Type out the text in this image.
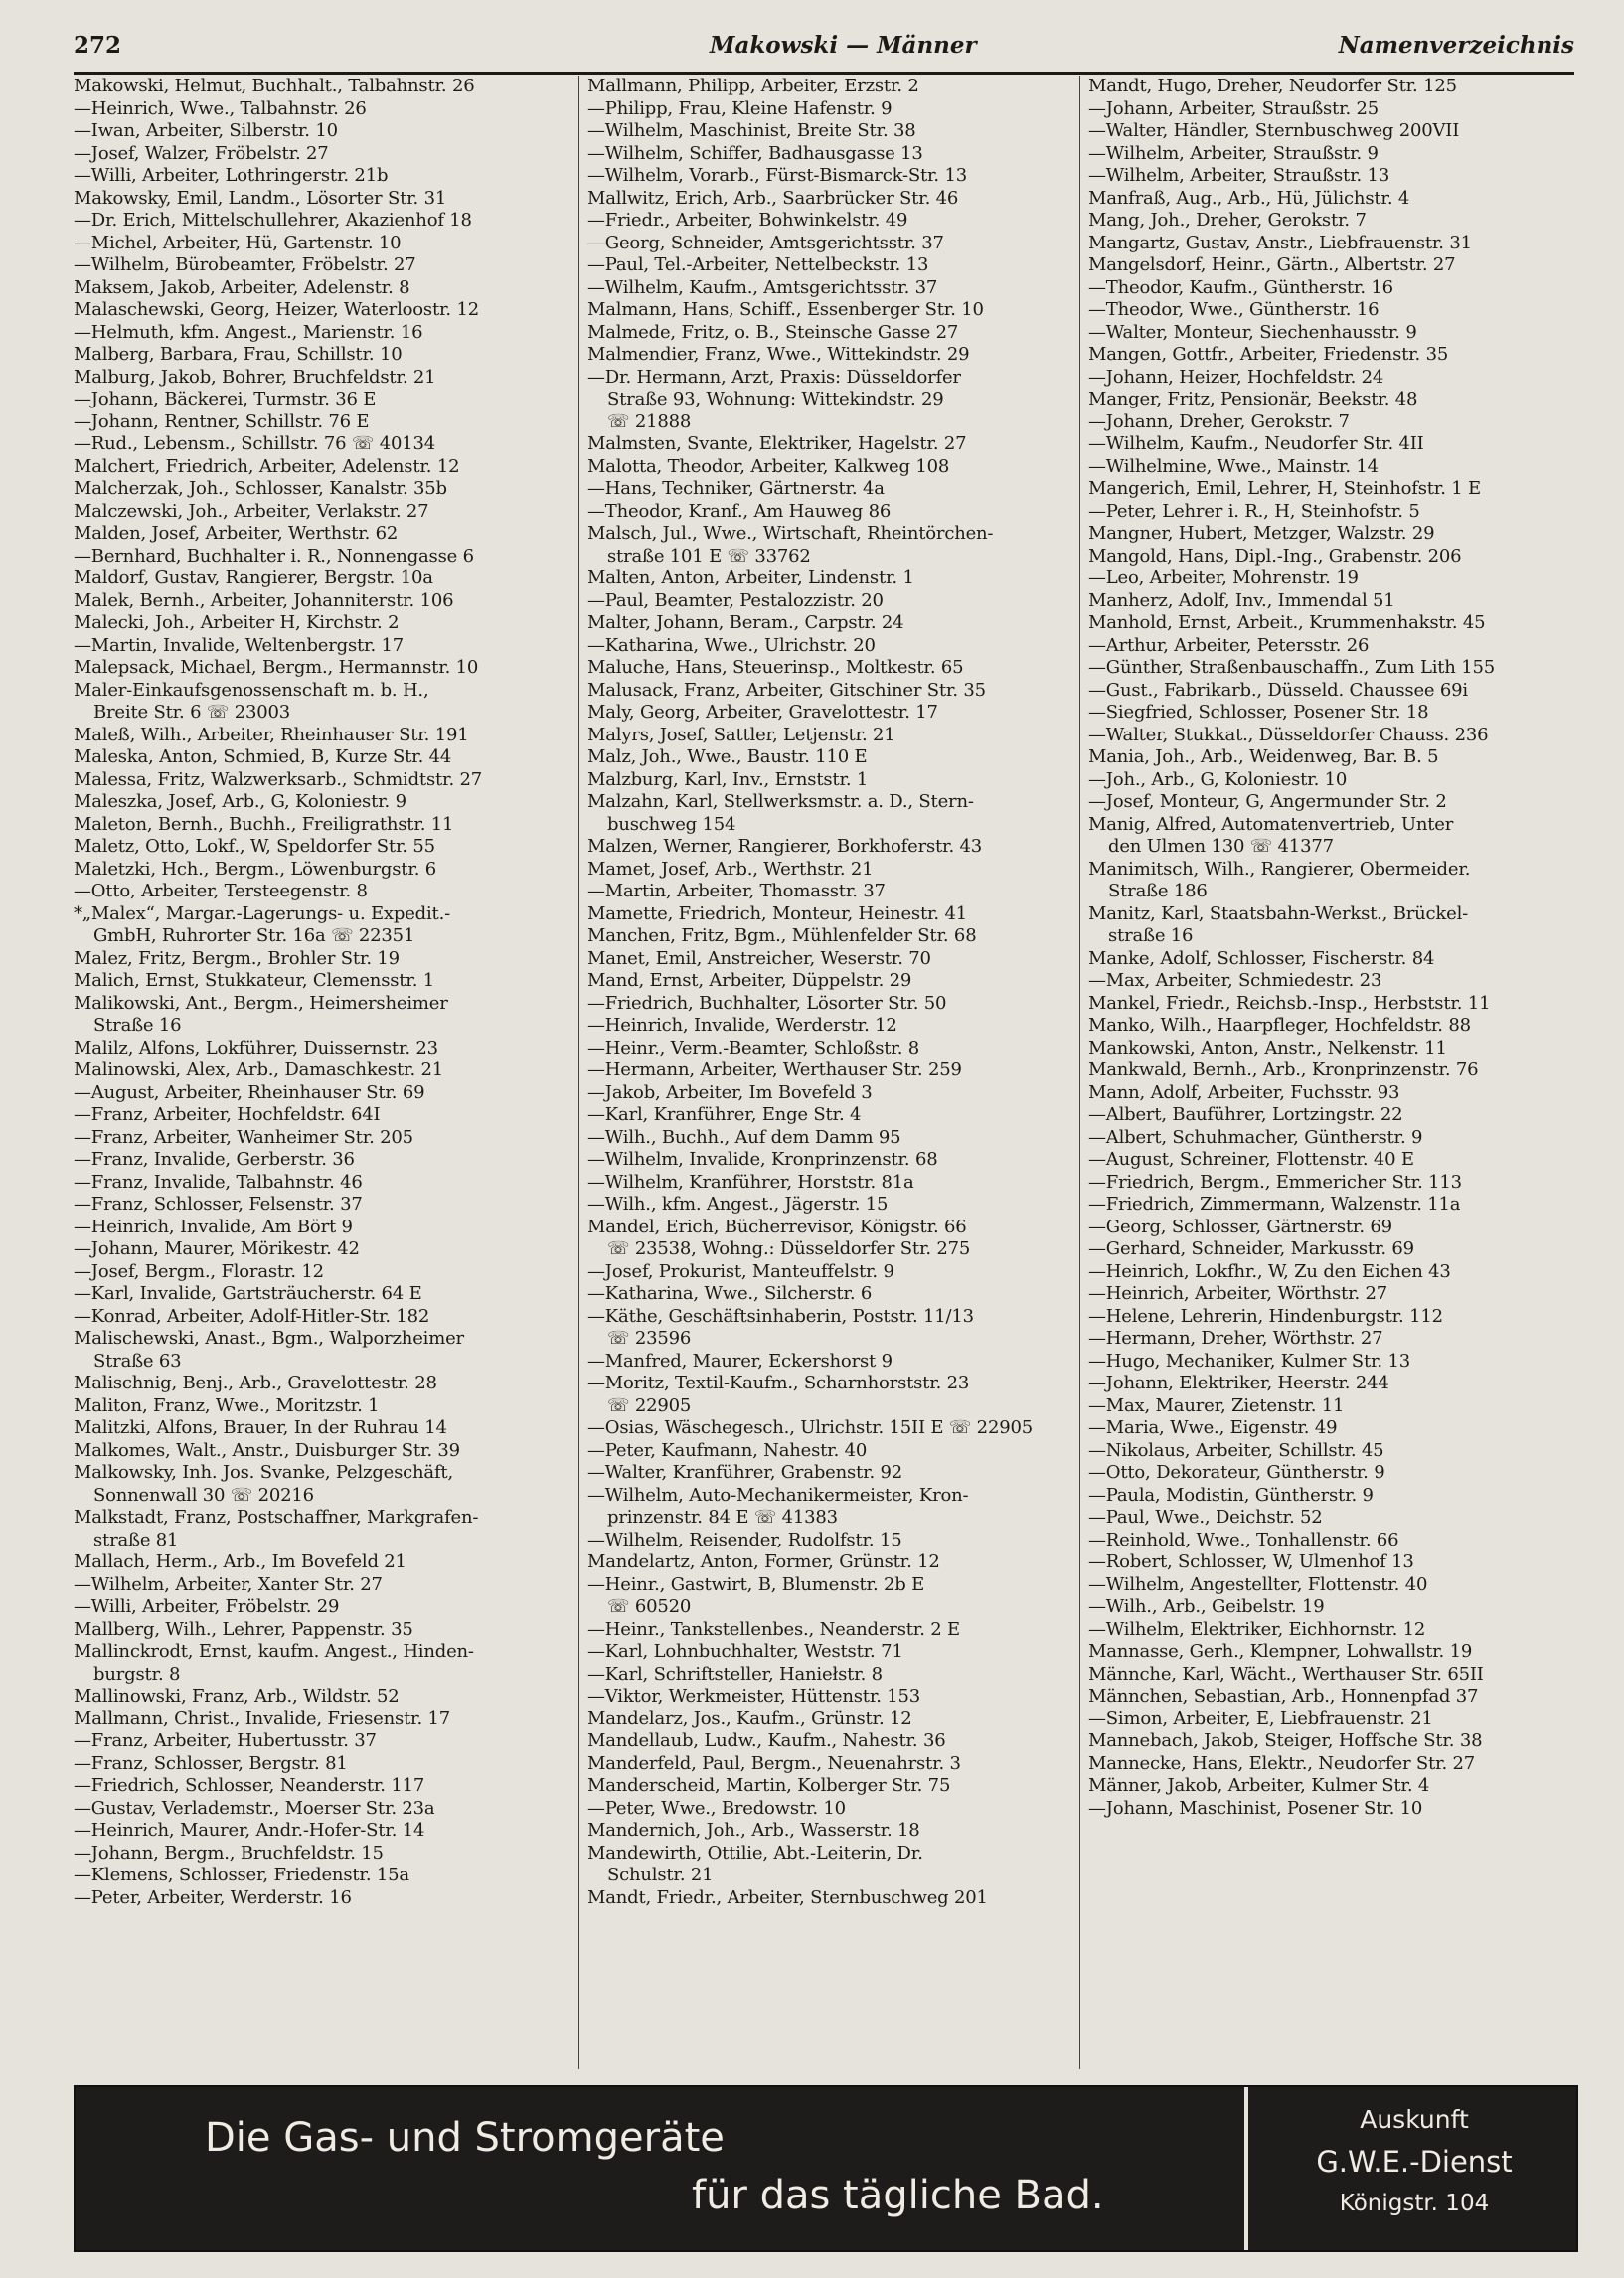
272	Makowski — Männer	Namenverzeichnis

Makowski, Helmut, Buchhalt., Talbahnstr. 26

—Heinrich, Wwe., Talbahnstr. 26

—Iwan, Arbeiter, Silberstr. 10

—Josef, Walzer, Fröbelstr. 27

—Willi, Arbeiter, Lothringerstr. 21b

Makowsky, Emil, Landm., Lösorter Str. 31

—Dr. Erich, Mittelschullehrer, Akazienhof 18

—Michel, Arbeiter, Hü, Gartenstr. 10

—Wilhelm, Bürobeamter, Fröbelstr. 27

Maksem, Jakob, Arbeiter, Adelenstr. 8

Malaschewski, Georg, Heizer, Waterloostr. 12

—Helmuth, kfm. Angest., Marienstr. 16

Malberg, Barbara, Frau, Schillstr. 10

Malburg, Jakob, Bohrer, Bruchfeldstr. 21

—Johann, Bäckerei, Turmstr. 36 E

—Johann, Rentner, Schillstr. 76 E

—Rud., Lebensm., Schillstr. 76 ☏ 40134

Malchert, Friedrich, Arbeiter, Adelenstr. 12

Malcherzak, Joh., Schlosser, Kanalstr. 35b

Malczewski, Joh., Arbeiter, Verlakstr. 27

Malden, Josef, Arbeiter, Werthstr. 62

—Bernhard, Buchhalter i. R., Nonnengasse 6

Maldorf, Gustav, Rangierer, Bergstr. 10a

Malek, Bernh., Arbeiter, Johanniterstr. 106

Malecki, Joh., Arbeiter H, Kirchstr. 2

—Martin, Invalide, Weltenbergstr. 17

Malepsack, Michael, Bergm., Hermannstr. 10

Maler-Einkaufsgenossenschaft m. b. H.,

Breite Str. 6 ☏ 23003

Maleß, Wilh., Arbeiter, Rheinhauser Str. 191

Maleska, Anton, Schmied, B, Kurze Str. 44

Malessa, Fritz, Walzwerksarb., Schmidtstr. 27

Maleszka, Josef, Arb., G, Koloniestr. 9

Maleton, Bernh., Buchh., Freiligrathstr. 11

Maletz, Otto, Lokf., W, Speldorfer Str. 55

Maletzki, Hch., Bergm., Löwenburgstr. 6

—Otto, Arbeiter, Tersteegenstr. 8

*„Malex“, Margar.-Lagerungs- u. Expedit.-

GmbH, Ruhrorter Str. 16a ☏ 22351

Malez, Fritz, Bergm., Brohler Str. 19

Malich, Ernst, Stukkateur, Clemensstr. 1

Malikowski, Ant., Bergm., Heimersheimer

Straße 16

Malilz, Alfons, Lokführer, Duissernstr. 23

Malinowski, Alex, Arb., Damaschkestr. 21

—August, Arbeiter, Rheinhauser Str. 69

—Franz, Arbeiter, Hochfeldstr. 64I

—Franz, Arbeiter, Wanheimer Str. 205

—Franz, Invalide, Gerberstr. 36

—Franz, Invalide, Talbahnstr. 46

—Franz, Schlosser, Felsenstr. 37

—Heinrich, Invalide, Am Bört 9

—Johann, Maurer, Mörikestr. 42

—Josef, Bergm., Florastr. 12

—Karl, Invalide, Gartsträucherstr. 64 E

—Konrad, Arbeiter, Adolf-Hitler-Str. 182

Malischewski, Anast., Bgm., Walporzheimer

Straße 63

Malischnig, Benj., Arb., Gravelottestr. 28

Maliton, Franz, Wwe., Moritzstr. 1

Malitzki, Alfons, Brauer, In der Ruhrau 14

Malkomes, Walt., Anstr., Duisburger Str. 39

Malkowsky, Inh. Jos. Svanke, Pelzgeschäft,

Sonnenwall 30 ☏ 20216

Malkstadt, Franz, Postschaffner, Markgrafen-

straße 81

Mallach, Herm., Arb., Im Bovefeld 21

—Wilhelm, Arbeiter, Xanter Str. 27

—Willi, Arbeiter, Fröbelstr. 29

Mallberg, Wilh., Lehrer, Pappenstr. 35

Mallinckrodt, Ernst, kaufm. Angest., Hinden-

burgstr. 8

Mallinowski, Franz, Arb., Wildstr. 52

Mallmann, Christ., Invalide, Friesenstr. 17

—Franz, Arbeiter, Hubertusstr. 37

—Franz, Schlosser, Bergstr. 81

—Friedrich, Schlosser, Neanderstr. 117

—Gustav, Verlademstr., Moerser Str. 23a

—Heinrich, Maurer, Andr.-Hofer-Str. 14

—Johann, Bergm., Bruchfeldstr. 15

—Klemens, Schlosser, Friedenstr. 15a

—Peter, Arbeiter, Werderstr. 16

Mallmann, Philipp, Arbeiter, Erzstr. 2

—Philipp, Frau, Kleine Hafenstr. 9

—Wilhelm, Maschinist, Breite Str. 38

—Wilhelm, Schiffer, Badhausgasse 13

—Wilhelm, Vorarb., Fürst-Bismarck-Str. 13

Mallwitz, Erich, Arb., Saarbrücker Str. 46

—Friedr., Arbeiter, Bohwinkelstr. 49

—Georg, Schneider, Amtsgerichtsstr. 37

—Paul, Tel.-Arbeiter, Nettelbeckstr. 13

—Wilhelm, Kaufm., Amtsgerichtsstr. 37

Malmann, Hans, Schiff., Essenberger Str. 10

Malmede, Fritz, o. B., Steinsche Gasse 27

Malmendier, Franz, Wwe., Wittekindstr. 29

—Dr. Hermann, Arzt, Praxis: Düsseldorfer

Straße 93, Wohnung: Wittekindstr. 29

☏ 21888

Malmsten, Svante, Elektriker, Hagelstr. 27

Malotta, Theodor, Arbeiter, Kalkweg 108

—Hans, Techniker, Gärtnerstr. 4a

—Theodor, Kranf., Am Hauweg 86

Malsch, Jul., Wwe., Wirtschaft, Rheintörchen-

straße 101 E ☏ 33762

Malten, Anton, Arbeiter, Lindenstr. 1

—Paul, Beamter, Pestalozzistr. 20

Malter, Johann, Beram., Carpstr. 24

—Katharina, Wwe., Ulrichstr. 20

Maluche, Hans, Steuerinsp., Moltkestr. 65

Malusack, Franz, Arbeiter, Gitschiner Str. 35

Maly, Georg, Arbeiter, Gravelottestr. 17

Malyrs, Josef, Sattler, Letjenstr. 21

Malz, Joh., Wwe., Baustr. 110 E

Malzburg, Karl, Inv., Ernststr. 1

Malzahn, Karl, Stellwerksmstr. a. D., Stern-

buschweg 154

Malzen, Werner, Rangierer, Borkhoferstr. 43

Mamet, Josef, Arb., Werthstr. 21

—Martin, Arbeiter, Thomasstr. 37

Mamette, Friedrich, Monteur, Heinestr. 41

Manchen, Fritz, Bgm., Mühlenfelder Str. 68

Manet, Emil, Anstreicher, Weserstr. 70

Mand, Ernst, Arbeiter, Düppelstr. 29

—Friedrich, Buchhalter, Lösorter Str. 50

—Heinrich, Invalide, Werderstr. 12

—Heinr., Verm.-Beamter, Schloßstr. 8

—Hermann, Arbeiter, Werthauser Str. 259

—Jakob, Arbeiter, Im Bovefeld 3

—Karl, Kranführer, Enge Str. 4

—Wilh., Buchh., Auf dem Damm 95

—Wilhelm, Invalide, Kronprinzenstr. 68

—Wilhelm, Kranführer, Horststr. 81a

—Wilh., kfm. Angest., Jägerstr. 15

Mandel, Erich, Bücherrevisor, Königstr. 66

☏ 23538, Wohng.: Düsseldorfer Str. 275

—Josef, Prokurist, Manteuffelstr. 9

—Katharina, Wwe., Silcherstr. 6

—Käthe, Geschäftsinhaberin, Poststr. 11/13

☏ 23596

—Manfred, Maurer, Eckershorst 9

—Moritz, Textil-Kaufm., Scharnhorststr. 23

☏ 22905

—Osias, Wäschegesch., Ulrichstr. 15II E ☏ 22905

—Peter, Kaufmann, Nahestr. 40

—Walter, Kranführer, Grabenstr. 92

—Wilhelm, Auto-Mechanikermeister, Kron-

prinzenstr. 84 E ☏ 41383

—Wilhelm, Reisender, Rudolfstr. 15

Mandelartz, Anton, Former, Grünstr. 12

—Heinr., Gastwirt, B, Blumenstr. 2b E

☏ 60520

—Heinr., Tankstellenbes., Neanderstr. 2 E

—Karl, Lohnbuchhalter, Weststr. 71

—Karl, Schriftsteller, Haniełstr. 8

—Viktor, Werkmeister, Hüttenstr. 153

Mandelarz, Jos., Kaufm., Grünstr. 12

Mandellaub, Ludw., Kaufm., Nahestr. 36

Manderfeld, Paul, Bergm., Neuenahrstr. 3

Manderscheid, Martin, Kolberger Str. 75

—Peter, Wwe., Bredowstr. 10

Mandernich, Joh., Arb., Wasserstr. 18

Mandewirth, Ottilie, Abt.-Leiterin, Dr.

Schulstr. 21

Mandt, Friedr., Arbeiter, Sternbuschweg 201

Mandt, Hugo, Dreher, Neudorfer Str. 125

—Johann, Arbeiter, Straußstr. 25

—Walter, Händler, Sternbuschweg 200VII

—Wilhelm, Arbeiter, Straußstr. 9

—Wilhelm, Arbeiter, Straußstr. 13

Manfraß, Aug., Arb., Hü, Jülichstr. 4

Mang, Joh., Dreher, Gerokstr. 7

Mangartz, Gustav, Anstr., Liebfrauenstr. 31

Mangelsdorf, Heinr., Gärtn., Albertstr. 27

—Theodor, Kaufm., Güntherstr. 16

—Theodor, Wwe., Güntherstr. 16

—Walter, Monteur, Siechenhausstr. 9

Mangen, Gottfr., Arbeiter, Friedenstr. 35

—Johann, Heizer, Hochfeldstr. 24

Manger, Fritz, Pensionär, Beekstr. 48

—Johann, Dreher, Gerokstr. 7

—Wilhelm, Kaufm., Neudorfer Str. 4II

—Wilhelmine, Wwe., Mainstr. 14

Mangerich, Emil, Lehrer, H, Steinhofstr. 1 E

—Peter, Lehrer i. R., H, Steinhofstr. 5

Mangner, Hubert, Metzger, Walzstr. 29

Mangold, Hans, Dipl.-Ing., Grabenstr. 206

—Leo, Arbeiter, Mohrenstr. 19

Manherz, Adolf, Inv., Immendal 51

Manhold, Ernst, Arbeit., Krummenhakstr. 45

—Arthur, Arbeiter, Petersstr. 26

—Günther, Straßenbauschaffn., Zum Lith 155

—Gust., Fabrikarb., Düsseld. Chaussee 69i

—Siegfried, Schlosser, Posener Str. 18

—Walter, Stukkat., Düsseldorfer Chauss. 236

Mania, Joh., Arb., Weidenweg, Bar. B. 5

—Joh., Arb., G, Koloniestr. 10

—Josef, Monteur, G, Angermunder Str. 2

Manig, Alfred, Automatenvertrieb, Unter

den Ulmen 130 ☏ 41377

Manimitsch, Wilh., Rangierer, Obermeider.

Straße 186

Manitz, Karl, Staatsbahn-Werkst., Brückel-

straße 16

Manke, Adolf, Schlosser, Fischerstr. 84

—Max, Arbeiter, Schmiedestr. 23

Mankel, Friedr., Reichsb.-Insp., Herbststr. 11

Manko, Wilh., Haarpfleger, Hochfeldstr. 88

Mankowski, Anton, Anstr., Nelkenstr. 11

Mankwald, Bernh., Arb., Kronprinzenstr. 76

Mann, Adolf, Arbeiter, Fuchsstr. 93

—Albert, Bauführer, Lortzingstr. 22

—Albert, Schuhmacher, Güntherstr. 9

—August, Schreiner, Flottenstr. 40 E

—Friedrich, Bergm., Emmericher Str. 113

—Friedrich, Zimmermann, Walzenstr. 11a

—Georg, Schlosser, Gärtnerstr. 69

—Gerhard, Schneider, Markusstr. 69

—Heinrich, Lokfhr., W, Zu den Eichen 43

—Heinrich, Arbeiter, Wörthstr. 27

—Helene, Lehrerin, Hindenburgstr. 112

—Hermann, Dreher, Wörthstr. 27

—Hugo, Mechaniker, Kulmer Str. 13

—Johann, Elektriker, Heerstr. 244

—Max, Maurer, Zietenstr. 11

—Maria, Wwe., Eigenstr. 49

—Nikolaus, Arbeiter, Schillstr. 45

—Otto, Dekorateur, Güntherstr. 9

—Paula, Modistin, Güntherstr. 9

—Paul, Wwe., Deichstr. 52

—Reinhold, Wwe., Tonhallenstr. 66

—Robert, Schlosser, W, Ulmenhof 13

—Wilhelm, Angestellter, Flottenstr. 40

—Wilh., Arb., Geibelstr. 19

—Wilhelm, Elektriker, Eichhornstr. 12

Mannasse, Gerh., Klempner, Lohwallstr. 19

Männche, Karl, Wächt., Werthauser Str. 65II

Männchen, Sebastian, Arb., Honnenpfad 37

—Simon, Arbeiter, E, Liebfrauenstr. 21

Mannebach, Jakob, Steiger, Hoffsche Str. 38

Mannecke, Hans, Elektr., Neudorfer Str. 27

Männer, Jakob, Arbeiter, Kulmer Str. 4

—Johann, Maschinist, Posener Str. 10

Die Gas- und Stromgeräte
für das tägliche Bad.
Auskunft
G.W.E.-Dienst
Königstr. 104
